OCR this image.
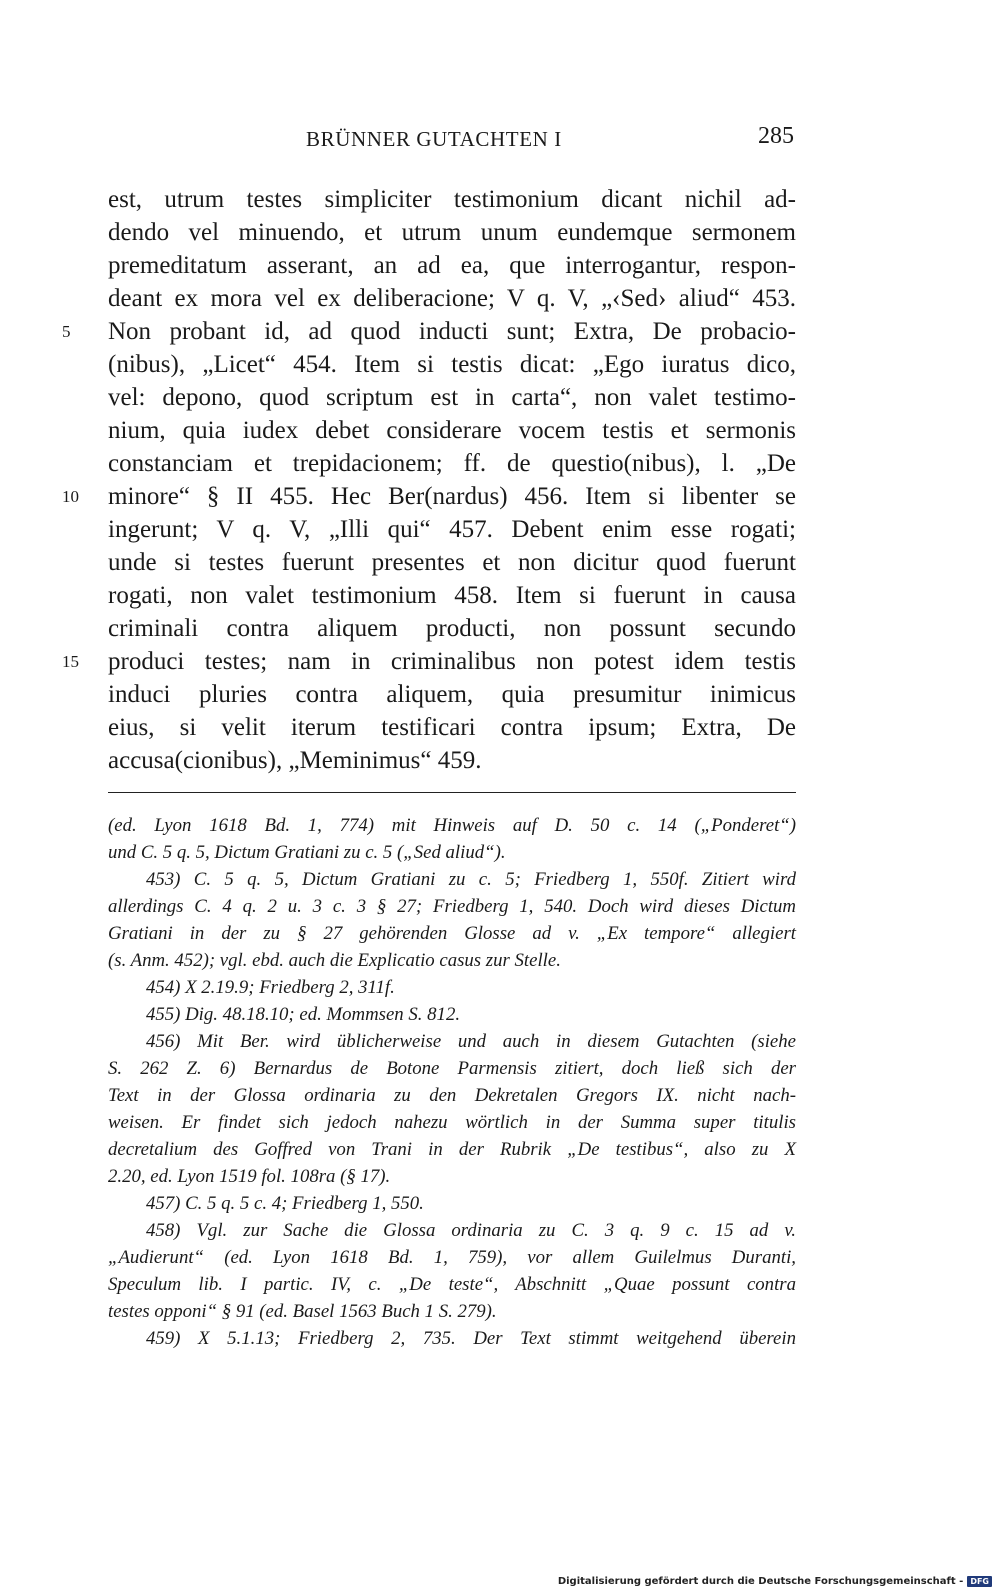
BRÜNNER GUTACHTEN I	285
est, utrum testes simpliciter testimonium dicant nichil ad-
dendo vel minuendo, et utrum unum eundemque sermonem
premeditatum asserant, an ad ea, que interrogantur, respon-
deant ex mora vel ex deliberacione; V q. V, „‹Sed› aliud“ 453.
5	Non probant id, ad quod inducti sunt; Extra, De probacio-
(nibus), „Licet“ 454. Item si testis dicat: „Ego iuratus dico,
vel: depono, quod scriptum est in carta“, non valet testimo-
nium, quia iudex debet considerare vocem testis et sermonis
constanciam et trepidacionem; ff. de questio(nibus), l. „De
10	minore“ § II 455. Hec Ber(nardus) 456. Item si libenter se
ingerunt; V q. V, „Illi qui“ 457. Debent enim esse rogati;
unde si testes fuerunt presentes et non dicitur quod fuerunt
rogati, non valet testimonium 458. Item si fuerunt in causa
criminali contra aliquem producti, non possunt secundo
15	produci testes; nam in criminalibus non potest idem testis
induci pluries contra aliquem, quia presumitur inimicus
eius, si velit iterum testificari contra ipsum; Extra, De
accusa(cionibus), „Meminimus“ 459.
(ed. Lyon 1618 Bd. 1, 774) mit Hinweis auf D. 50 c. 14 („Ponderet“)
und C. 5 q. 5, Dictum Gratiani zu c. 5 („Sed aliud“).
453) C. 5 q. 5, Dictum Gratiani zu c. 5; Friedberg 1, 550f. Zitiert wird
allerdings C. 4 q. 2 u. 3 c. 3 § 27; Friedberg 1, 540. Doch wird dieses Dictum
Gratiani in der zu § 27 gehörenden Glosse ad v. „Ex tempore“ allegiert
(s. Anm. 452); vgl. ebd. auch die Explicatio casus zur Stelle.
454) X 2.19.9; Friedberg 2, 311f.
455) Dig. 48.18.10; ed. Mommsen S. 812.
456) Mit Ber. wird üblicherweise und auch in diesem Gutachten (siehe
S. 262 Z. 6) Bernardus de Botone Parmensis zitiert, doch ließ sich der
Text in der Glossa ordinaria zu den Dekretalen Gregors IX. nicht nach-
weisen. Er findet sich jedoch nahezu wörtlich in der Summa super titulis
decretalium des Goffred von Trani in der Rubrik „De testibus“, also zu X
2.20, ed. Lyon 1519 fol. 108ra (§ 17).
457) C. 5 q. 5 c. 4; Friedberg 1, 550.
458) Vgl. zur Sache die Glossa ordinaria zu C. 3 q. 9 c. 15 ad v.
„Audierunt“ (ed. Lyon 1618 Bd. 1, 759), vor allem Guilelmus Duranti,
Speculum lib. I partic. IV, c. „De teste“, Abschnitt „Quae possunt contra
testes opponi“ § 91 (ed. Basel 1563 Buch 1 S. 279).
459) X 5.1.13; Friedberg 2, 735. Der Text stimmt weitgehend überein
Digitalisierung gefördert durch die Deutsche Forschungsgemeinschaft - DFG
